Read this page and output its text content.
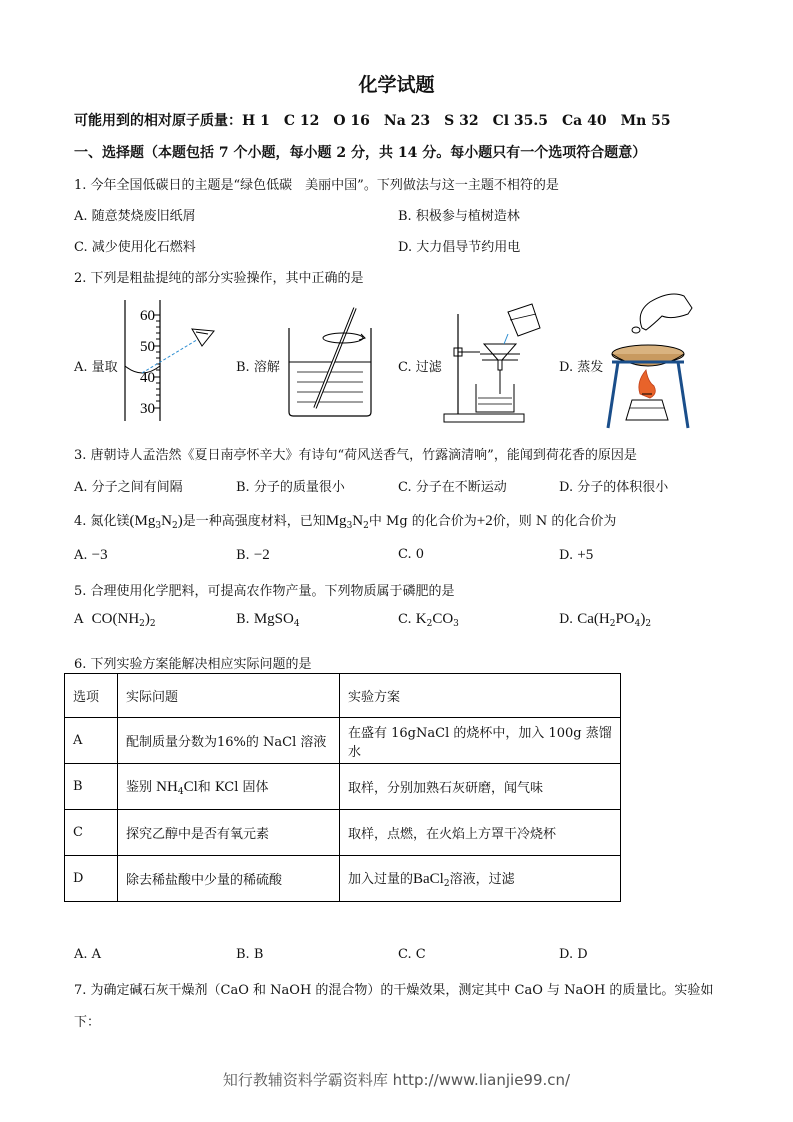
化学试题
可能用到的相对原子质量：H 1　C 12　O 16　Na 23　S 32　Cl 35.5　Ca 40　Mn 55
一、选择题（本题包括 7 个小题，每小题 2 分，共 14 分。每小题只有一个选项符合题意）
1. 今年全国低碳日的主题是“绿色低碳　美丽中国”。下列做法与这一主题不相符的是
A. 随意焚烧废旧纸屑	B. 积极参与植树造林
C. 减少使用化石燃料	D. 大力倡导节约用电
2. 下列是粗盐提纯的部分实验操作，其中正确的是
60
50
40
30
A. 量取	B. 溶解	C. 过滤	D. 蒸发
3. 唐朝诗人孟浩然《夏日南亭怀辛大》有诗句“荷风送香气，竹露滴清响”，能闻到荷花香的原因是
A. 分子之间有间隔	B. 分子的质量很小	C. 分子在不断运动	D. 分子的体积很小
4. 氮化镁$(Mg_3N_2)$是一种高强度材料，已知$Mg_3N_2$中 Mg 的化合价为+2价，则 N 的化合价为
A. −3	B. −2	C. 0	D. +5
5. 合理使用化学肥料，可提高农作物产量。下列物质属于磷肥的是
A $CO(NH_2)_2$	B. MgSO$_4$	C. $K_2CO_3$	D. $Ca(H_2PO_4)_2$
6. 下列实验方案能解决相应实际问题的是
选项	实际问题	实验方案
A	配制质量分数为16%的 NaCl 溶液	在盛有 16gNaCl 的烧杯中，加入 100g 蒸馏水
B	鉴别 $NH_4Cl$和 KCl 固体	取样，分别加熟石灰研磨，闻气味
C	探究乙醇中是否有氧元素	取样，点燃，在火焰上方罩干冷烧杯
D	除去稀盐酸中少量的稀硫酸	加入过量的BaCl$_2$溶液，过滤
A. A	B. B	C. C	D. D
7. 为确定碱石灰干燥剂（CaO 和 NaOH 的混合物）的干燥效果，测定其中 CaO 与 NaOH 的质量比。实验如
下：
知行教辅资料学霸资料库 http://www.lianjie99.cn/
